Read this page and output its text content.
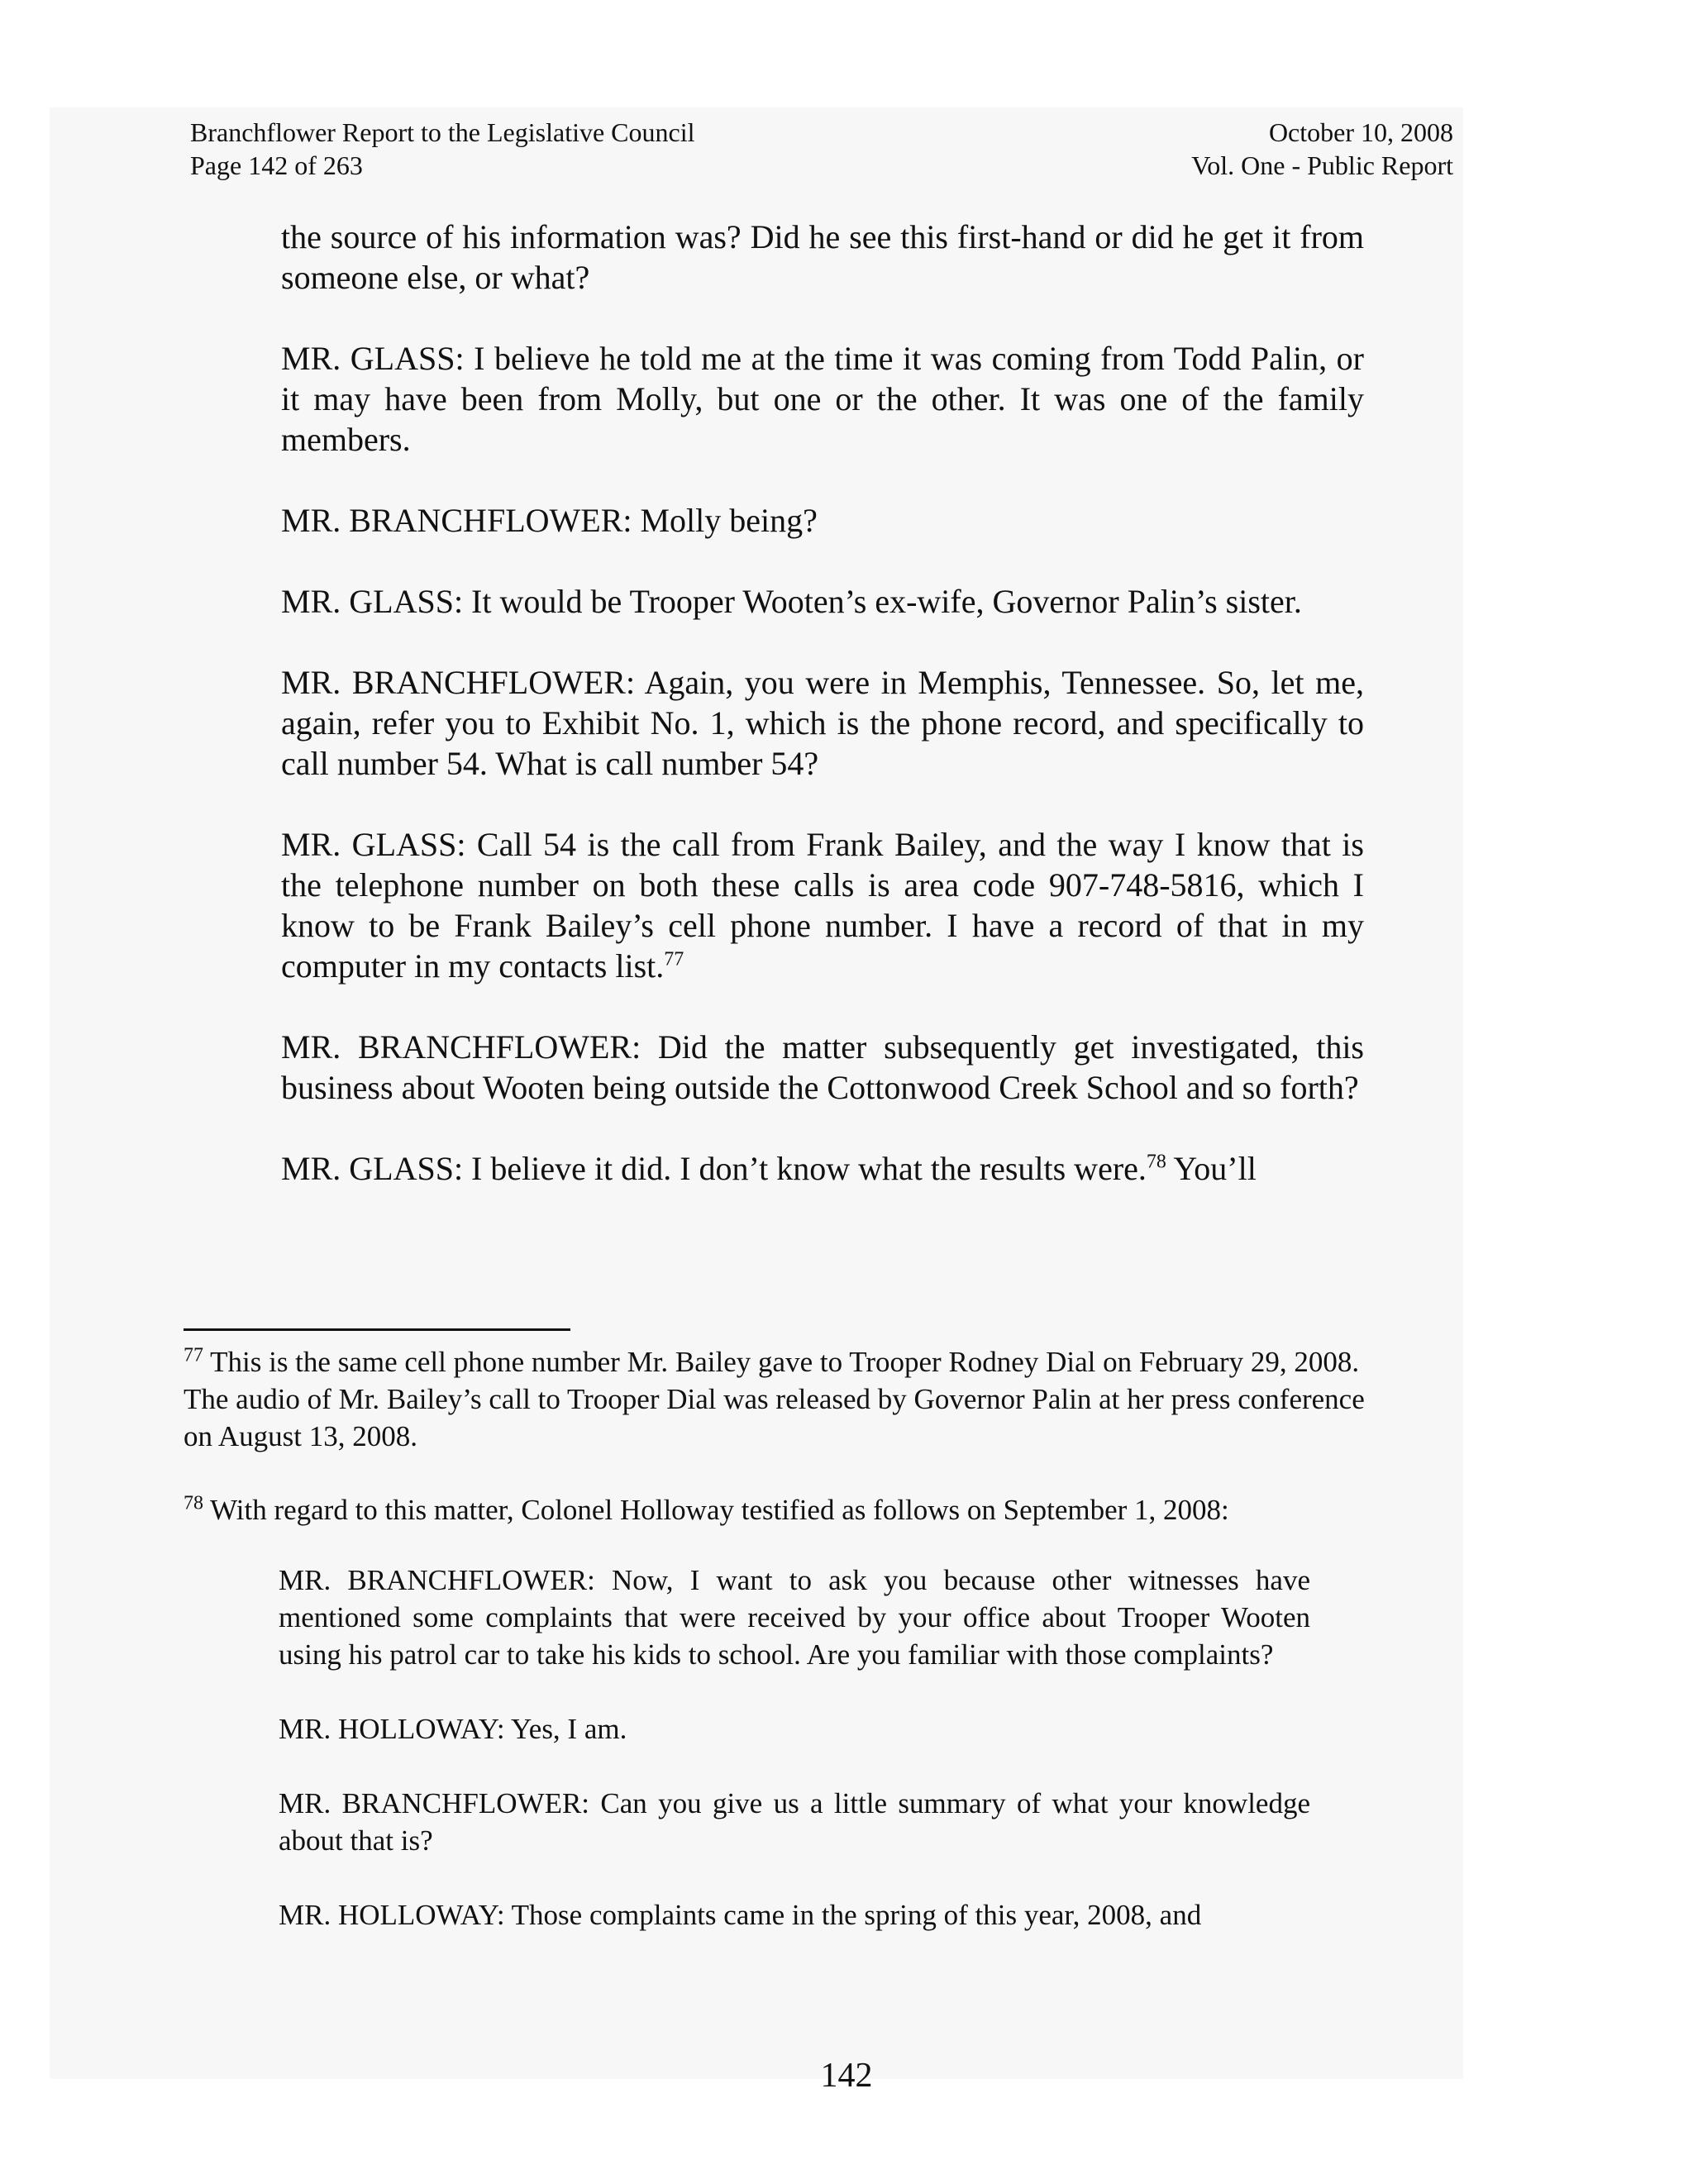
Branchflower Report to the Legislative Council
Page 142 of 263
October 10, 2008
Vol. One - Public Report

the source of his information was? Did he see this first-hand or did he get it from someone else, or what?

MR. GLASS: I believe he told me at the time it was coming from Todd Palin, or it may have been from Molly, but one or the other. It was one of the family members.

MR. BRANCHFLOWER: Molly being?

MR. GLASS: It would be Trooper Wooten’s ex-wife, Governor Palin’s sister.

MR. BRANCHFLOWER: Again, you were in Memphis, Tennessee. So, let me, again, refer you to Exhibit No. 1, which is the phone record, and specifically to call number 54. What is call number 54?

MR. GLASS: Call 54 is the call from Frank Bailey, and the way I know that is the telephone number on both these calls is area code 907-748-5816, which I know to be Frank Bailey’s cell phone number. I have a record of that in my computer in my contacts list.$^{77}$

MR. BRANCHFLOWER: Did the matter subsequently get investigated, this business about Wooten being outside the Cottonwood Creek School and so forth?

MR. GLASS: I believe it did. I don’t know what the results were.$^{78}$ You’ll

$^{77}$ This is the same cell phone number Mr. Bailey gave to Trooper Rodney Dial on February 29, 2008. The audio of Mr. Bailey’s call to Trooper Dial was released by Governor Palin at her press conference on August 13, 2008.

$^{78}$ With regard to this matter, Colonel Holloway testified as follows on September 1, 2008:

MR. BRANCHFLOWER: Now, I want to ask you because other witnesses have mentioned some complaints that were received by your office about Trooper Wooten using his patrol car to take his kids to school. Are you familiar with those complaints?

MR. HOLLOWAY: Yes, I am.

MR. BRANCHFLOWER: Can you give us a little summary of what your knowledge about that is?

MR. HOLLOWAY: Those complaints came in the spring of this year, 2008, and

142
